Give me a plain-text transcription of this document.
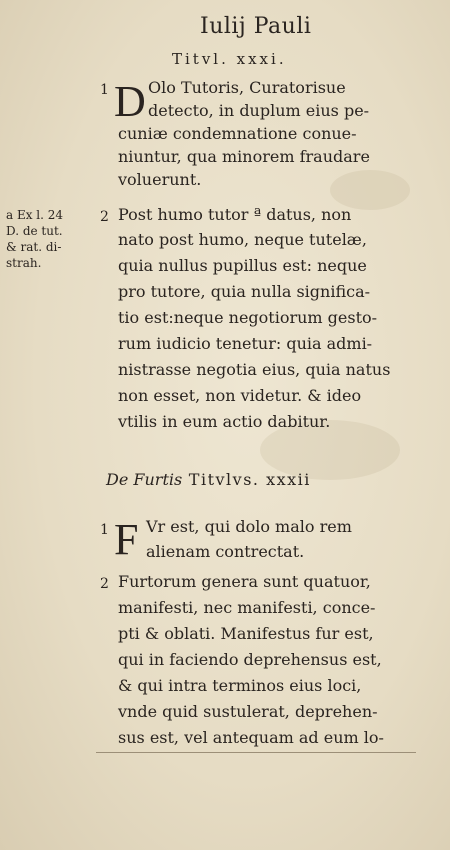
Iulij Pauli
Titvl. xxxi.
1 D Olo Tutoris, Curatorisue
detecto, in duplum eius pe-
cuniæ condemnatione conue-
niuntur, qua minorem fraudare
voluerunt.
a Ex l. 24
D. de tut.
& rat. di-
strah.
2 Post humo tutor ª datus, non
nato post humo, neque tutelæ,
quia nullus pupillus est: neque
pro tutore, quia nulla significa-
tio est:neque negotiorum gesto-
rum iudicio tenetur: quia admi-
nistrasse negotia eius, quia natus
non esset, non videtur. & ideo
vtilis in eum actio dabitur.
De Furtis Titvlvs. xxxii
1 F Vr est, qui dolo malo rem
alienam contrectat.
2 Furtorum genera sunt quatuor,
manifesti, nec manifesti, conce-
pti & oblati. Manifestus fur est,
qui in faciendo deprehensus est,
& qui intra terminos eius loci,
vnde quid sustulerat, deprehen-
sus est, vel antequam ad eum lo-
